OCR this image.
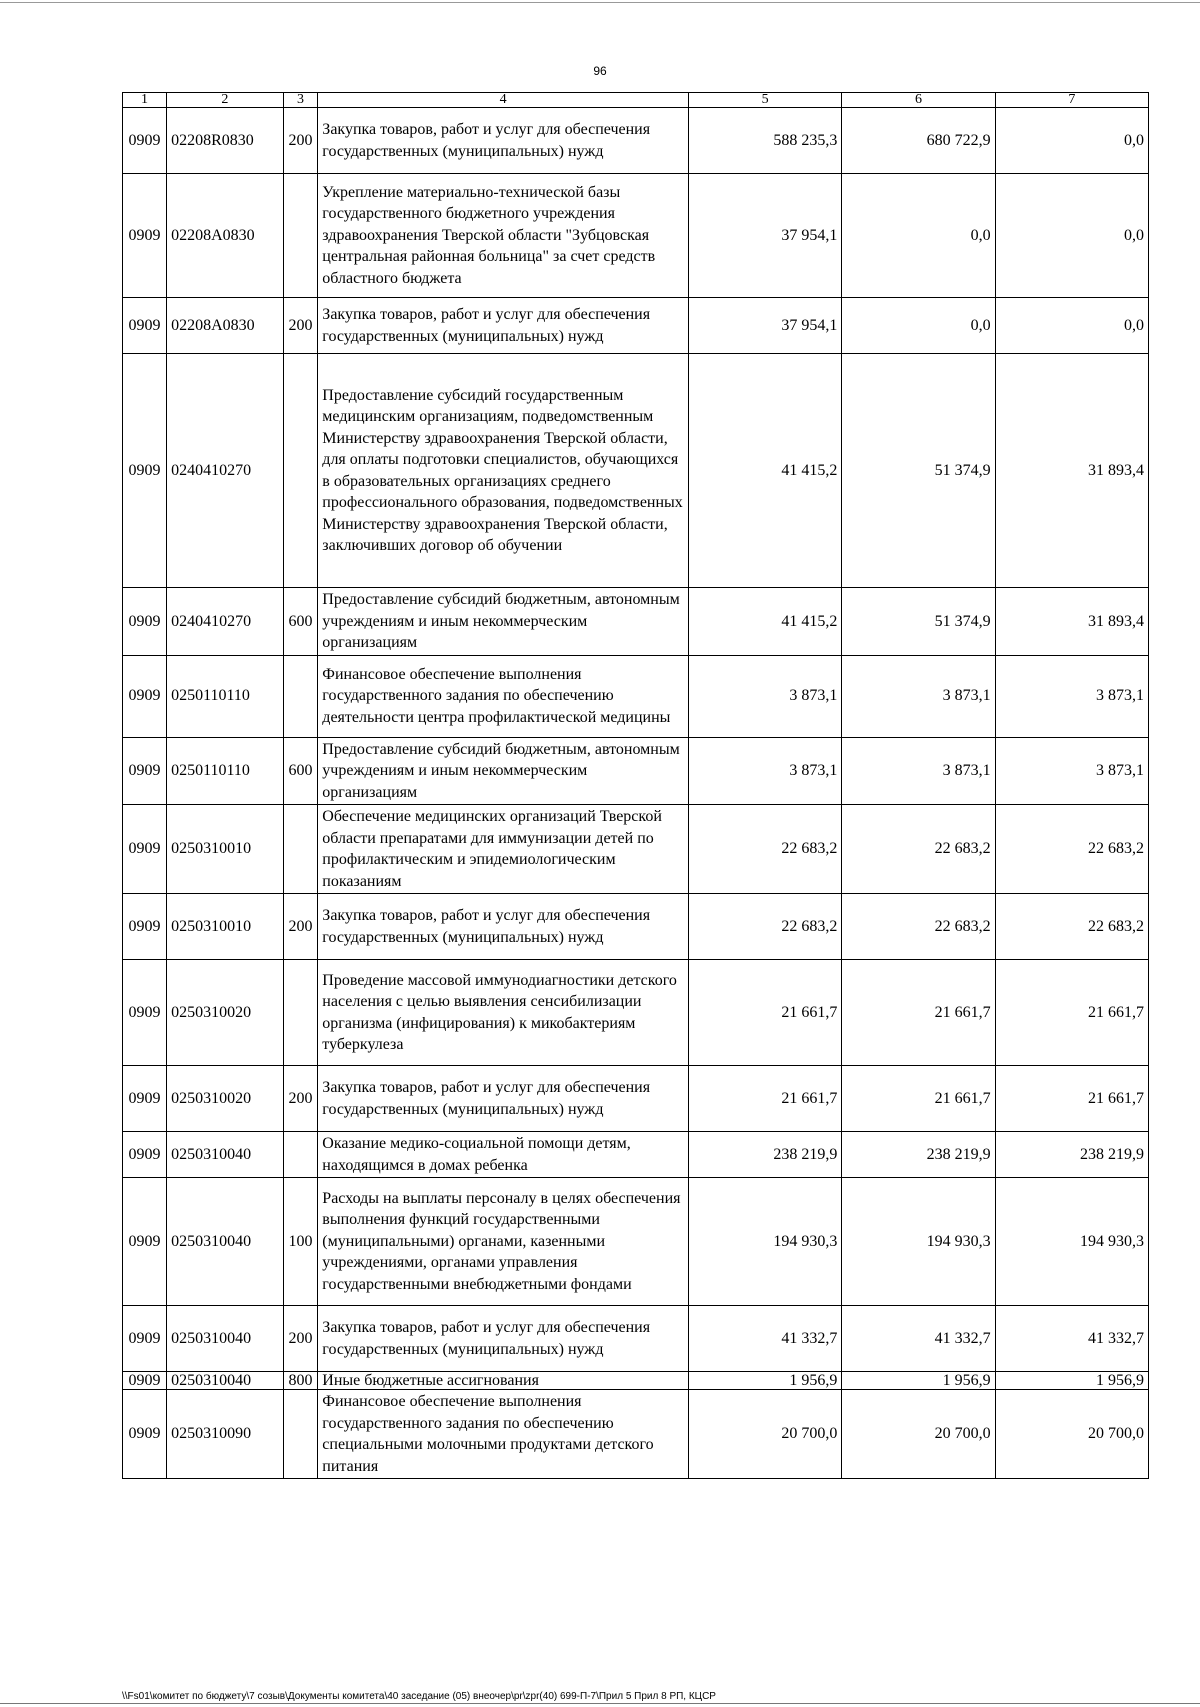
96
1	2	3	4	5	6	7
0909	02208R0830	200	Закупка товаров, работ и услуг для обеспечения государственных (муниципальных) нужд	588 235,3	680 722,9	0,0
0909	02208A0830		Укрепление материально-технической базы государственного бюджетного учреждения здравоохранения Тверской области "Зубцовская центральная районная больница" за счет средств областного бюджета	37 954,1	0,0	0,0
0909	02208A0830	200	Закупка товаров, работ и услуг для обеспечения государственных (муниципальных) нужд	37 954,1	0,0	0,0
0909	0240410270		Предоставление субсидий государственным медицинским организациям, подведомственным Министерству здравоохранения Тверской области, для оплаты подготовки специалистов, обучающихся в образовательных организациях среднего профессионального образования, подведомственных Министерству здравоохранения Тверской области, заключивших договор об обучении	41 415,2	51 374,9	31 893,4
0909	0240410270	600	Предоставление субсидий бюджетным, автономным учреждениям и иным некоммерческим организациям	41 415,2	51 374,9	31 893,4
0909	0250110110		Финансовое обеспечение выполнения государственного задания по обеспечению деятельности центра профилактической медицины	3 873,1	3 873,1	3 873,1
0909	0250110110	600	Предоставление субсидий бюджетным, автономным учреждениям и иным некоммерческим организациям	3 873,1	3 873,1	3 873,1
0909	0250310010		Обеспечение медицинских организаций Тверской области препаратами для иммунизации детей по профилактическим и эпидемиологическим показаниям	22 683,2	22 683,2	22 683,2
0909	0250310010	200	Закупка товаров, работ и услуг для обеспечения государственных (муниципальных) нужд	22 683,2	22 683,2	22 683,2
0909	0250310020		Проведение массовой иммунодиагностики детского населения с целью выявления сенсибилизации организма (инфицирования) к микобактериям туберкулеза	21 661,7	21 661,7	21 661,7
0909	0250310020	200	Закупка товаров, работ и услуг для обеспечения государственных (муниципальных) нужд	21 661,7	21 661,7	21 661,7
0909	0250310040		Оказание медико-социальной помощи детям, находящимся в домах ребенка	238 219,9	238 219,9	238 219,9
0909	0250310040	100	Расходы на выплаты персоналу в целях обеспечения выполнения функций государственными (муниципальными) органами, казенными учреждениями, органами управления государственными внебюджетными фондами	194 930,3	194 930,3	194 930,3
0909	0250310040	200	Закупка товаров, работ и услуг для обеспечения государственных (муниципальных) нужд	41 332,7	41 332,7	41 332,7
0909	0250310040	800	Иные бюджетные ассигнования	1 956,9	1 956,9	1 956,9
0909	0250310090		Финансовое обеспечение выполнения государственного задания по обеспечению специальными молочными продуктами детского питания	20 700,0	20 700,0	20 700,0
\\Fs01\комитет по бюджету\7 созыв\Документы комитета\40 заседание (05) внеочер\pr\zpr(40) 699-П-7\Прил 5 Прил 8 РП, КЦСР
